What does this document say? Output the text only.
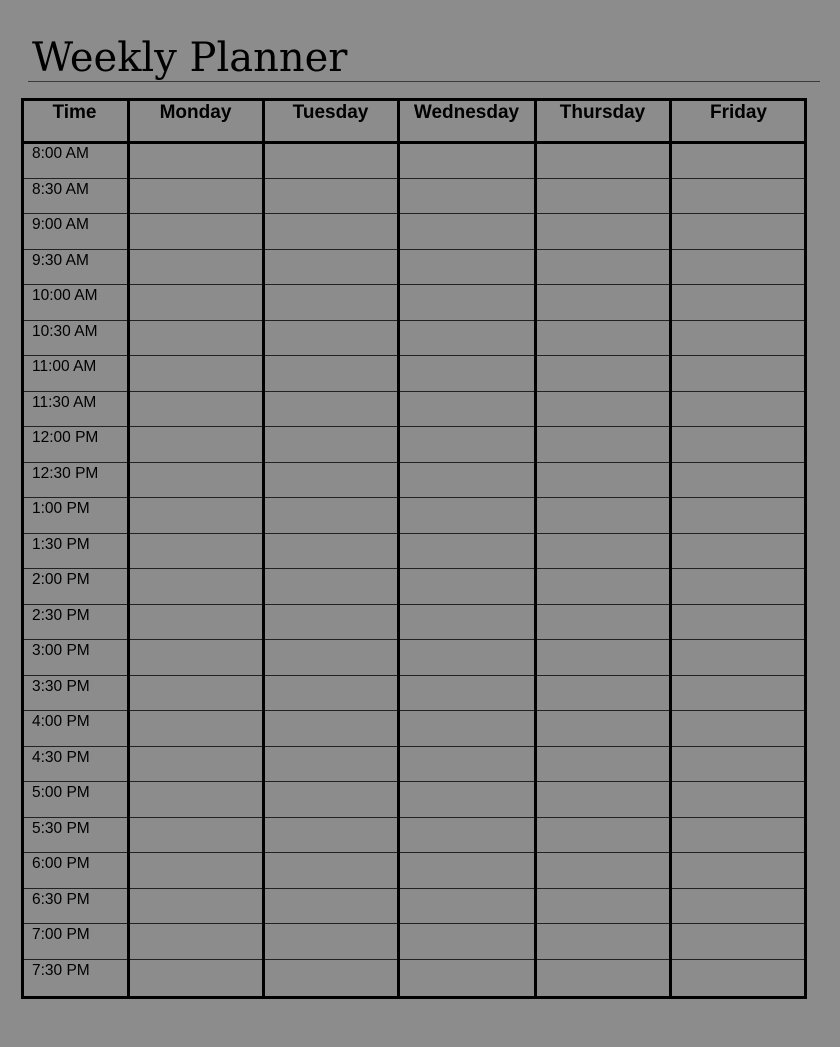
Weekly Planner
Time	Monday	Tuesday	Wednesday	Thursday	Friday
8:00 AM
8:30 AM
9:00 AM
9:30 AM
10:00 AM
10:30 AM
11:00 AM
11:30 AM
12:00 PM
12:30 PM
1:00 PM
1:30 PM
2:00 PM
2:30 PM
3:00 PM
3:30 PM
4:00 PM
4:30 PM
5:00 PM
5:30 PM
6:00 PM
6:30 PM
7:00 PM
7:30 PM
